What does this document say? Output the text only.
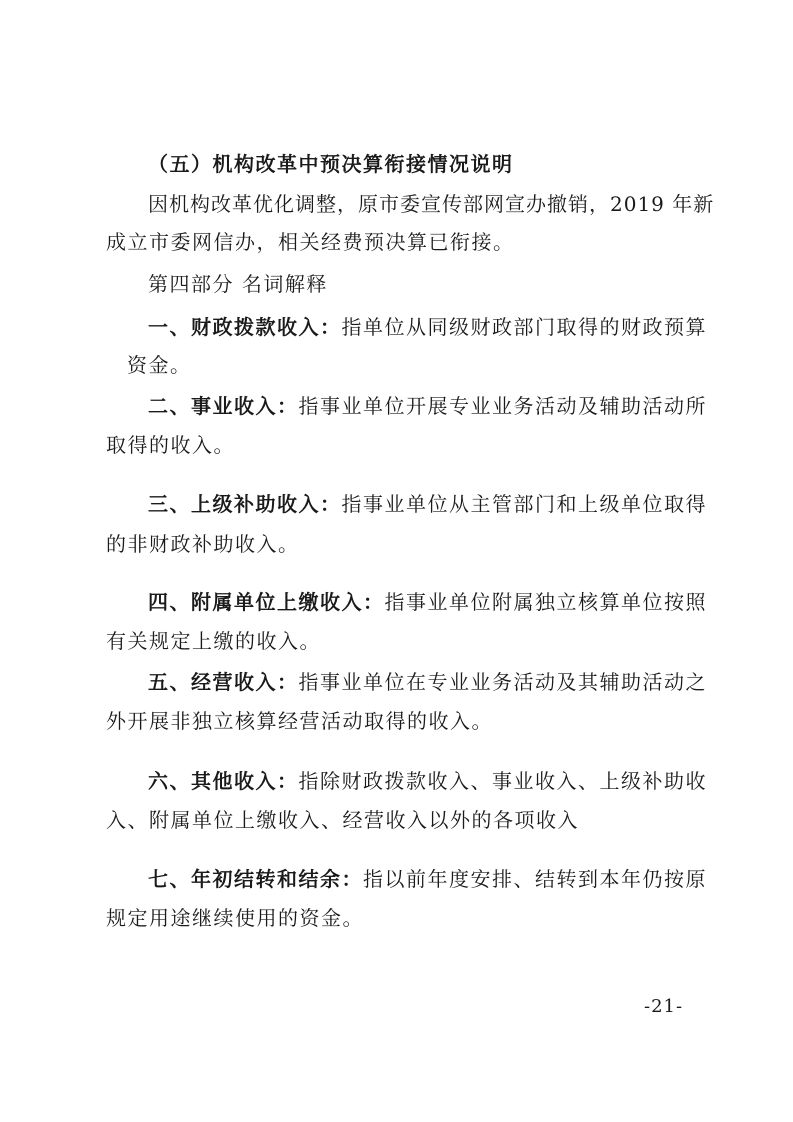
（五）机构改革中预决算衔接情况说明
因机构改革优化调整，原市委宣传部网宣办撤销，2019 年新
成立市委网信办，相关经费预决算已衔接。
第四部分 名词解释
一、财政拨款收入：指单位从同级财政部门取得的财政预算
资金。
二、事业收入：指事业单位开展专业业务活动及辅助活动所
取得的收入。
三、上级补助收入：指事业单位从主管部门和上级单位取得
的非财政补助收入。
四、附属单位上缴收入：指事业单位附属独立核算单位按照
有关规定上缴的收入。
五、经营收入：指事业单位在专业业务活动及其辅助活动之
外开展非独立核算经营活动取得的收入。
六、其他收入：指除财政拨款收入、事业收入、上级补助收
入、附属单位上缴收入、经营收入以外的各项收入
七、年初结转和结余：指以前年度安排、结转到本年仍按原
规定用途继续使用的资金。
-21-
